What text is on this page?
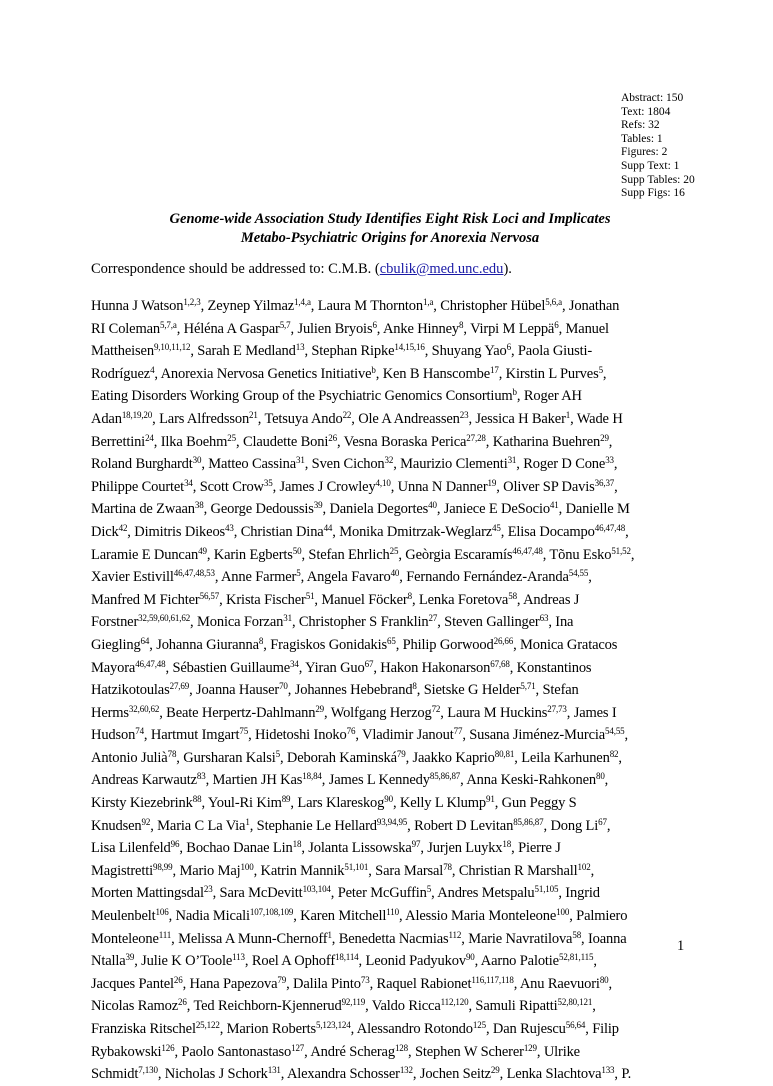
Abstract: 150
Text: 1804
Refs: 32
Tables: 1
Figures: 2
Supp Text: 1
Supp Tables: 20
Supp Figs: 16
Genome-wide Association Study Identifies Eight Risk Loci and Implicates
Metabo-Psychiatric Origins for Anorexia Nervosa
Correspondence should be addressed to: C.M.B. (cbulik@med.unc.edu).
Hunna J Watson$^{1,2,3}$, Zeynep Yilmaz$^{1,4,a}$, Laura M Thornton$^{1,a}$, Christopher Hübel$^{5,6,a}$, Jonathan
RI Coleman$^{5,7,a}$, Héléna A Gaspar$^{5,7}$, Julien Bryois$^6$, Anke Hinney$^8$, Virpi M Leppä$^6$, Manuel
Mattheisen$^{9,10,11,12}$, Sarah E Medland$^{13}$, Stephan Ripke$^{14,15,16}$, Shuyang Yao$^6$, Paola Giusti-
Rodríguez$^4$, Anorexia Nervosa Genetics Initiative$^b$, Ken B Hanscombe$^{17}$, Kirstin L Purves$^5$,
Eating Disorders Working Group of the Psychiatric Genomics Consortium$^b$, Roger AH
Adan$^{18,19,20}$, Lars Alfredsson$^{21}$, Tetsuya Ando$^{22}$, Ole A Andreassen$^{23}$, Jessica H Baker$^1$, Wade H
Berrettini$^{24}$, Ilka Boehm$^{25}$, Claudette Boni$^{26}$, Vesna Boraska Perica$^{27,28}$, Katharina Buehren$^{29}$,
Roland Burghardt$^{30}$, Matteo Cassina$^{31}$, Sven Cichon$^{32}$, Maurizio Clementi$^{31}$, Roger D Cone$^{33}$,
Philippe Courtet$^{34}$, Scott Crow$^{35}$, James J Crowley$^{4,10}$, Unna N Danner$^{19}$, Oliver SP Davis$^{36,37}$,
Martina de Zwaan$^{38}$, George Dedoussis$^{39}$, Daniela Degortes$^{40}$, Janiece E DeSocio$^{41}$, Danielle M
Dick$^{42}$, Dimitris Dikeos$^{43}$, Christian Dina$^{44}$, Monika Dmitrzak-Weglarz$^{45}$, Elisa Docampo$^{46,47,48}$,
Laramie E Duncan$^{49}$, Karin Egberts$^{50}$, Stefan Ehrlich$^{25}$, Geòrgia Escaramís$^{46,47,48}$, Tõnu Esko$^{51,52}$,
Xavier Estivill$^{46,47,48,53}$, Anne Farmer$^5$, Angela Favaro$^{40}$, Fernando Fernández-Aranda$^{54,55}$,
Manfred M Fichter$^{56,57}$, Krista Fischer$^{51}$, Manuel Föcker$^8$, Lenka Foretova$^{58}$, Andreas J
Forstner$^{32,59,60,61,62}$, Monica Forzan$^{31}$, Christopher S Franklin$^{27}$, Steven Gallinger$^{63}$, Ina
Giegling$^{64}$, Johanna Giuranna$^8$, Fragiskos Gonidakis$^{65}$, Philip Gorwood$^{26,66}$, Monica Gratacos
Mayora$^{46,47,48}$, Sébastien Guillaume$^{34}$, Yiran Guo$^{67}$, Hakon Hakonarson$^{67,68}$, Konstantinos
Hatzikotoulas$^{27,69}$, Joanna Hauser$^{70}$, Johannes Hebebrand$^8$, Sietske G Helder$^{5,71}$, Stefan
Herms$^{32,60,62}$, Beate Herpertz-Dahlmann$^{29}$, Wolfgang Herzog$^{72}$, Laura M Huckins$^{27,73}$, James I
Hudson$^{74}$, Hartmut Imgart$^{75}$, Hidetoshi Inoko$^{76}$, Vladimir Janout$^{77}$, Susana Jiménez-Murcia$^{54,55}$,
Antonio Julià$^{78}$, Gursharan Kalsi$^5$, Deborah Kaminská$^{79}$, Jaakko Kaprio$^{80,81}$, Leila Karhunen$^{82}$,
Andreas Karwautz$^{83}$, Martien JH Kas$^{18,84}$, James L Kennedy$^{85,86,87}$, Anna Keski-Rahkonen$^{80}$,
Kirsty Kiezebrink$^{88}$, Youl-Ri Kim$^{89}$, Lars Klareskog$^{90}$, Kelly L Klump$^{91}$, Gun Peggy S
Knudsen$^{92}$, Maria C La Via$^1$, Stephanie Le Hellard$^{93,94,95}$, Robert D Levitan$^{85,86,87}$, Dong Li$^{67}$,
Lisa Lilenfeld$^{96}$, Bochao Danae Lin$^{18}$, Jolanta Lissowska$^{97}$, Jurjen Luykx$^{18}$, Pierre J
Magistretti$^{98,99}$, Mario Maj$^{100}$, Katrin Mannik$^{51,101}$, Sara Marsal$^{78}$, Christian R Marshall$^{102}$,
Morten Mattingsdal$^{23}$, Sara McDevitt$^{103,104}$, Peter McGuffin$^5$, Andres Metspalu$^{51,105}$, Ingrid
Meulenbelt$^{106}$, Nadia Micali$^{107,108,109}$, Karen Mitchell$^{110}$, Alessio Maria Monteleone$^{100}$, Palmiero
Monteleone$^{111}$, Melissa A Munn-Chernoff$^1$, Benedetta Nacmias$^{112}$, Marie Navratilova$^{58}$, Ioanna
Ntalla$^{39}$, Julie K O’Toole$^{113}$, Roel A Ophoff$^{18,114}$, Leonid Padyukov$^{90}$, Aarno Palotie$^{52,81,115}$,
Jacques Pantel$^{26}$, Hana Papezova$^{79}$, Dalila Pinto$^{73}$, Raquel Rabionet$^{116,117,118}$, Anu Raevuori$^{80}$,
Nicolas Ramoz$^{26}$, Ted Reichborn-Kjennerud$^{92,119}$, Valdo Ricca$^{112,120}$, Samuli Ripatti$^{52,80,121}$,
Franziska Ritschel$^{25,122}$, Marion Roberts$^{5,123,124}$, Alessandro Rotondo$^{125}$, Dan Rujescu$^{56,64}$, Filip
Rybakowski$^{126}$, Paolo Santonastaso$^{127}$, André Scherag$^{128}$, Stephen W Scherer$^{129}$, Ulrike
Schmidt$^{7,130}$, Nicholas J Schork$^{131}$, Alexandra Schosser$^{132}$, Jochen Seitz$^{29}$, Lenka Slachtova$^{133}$, P.
1
